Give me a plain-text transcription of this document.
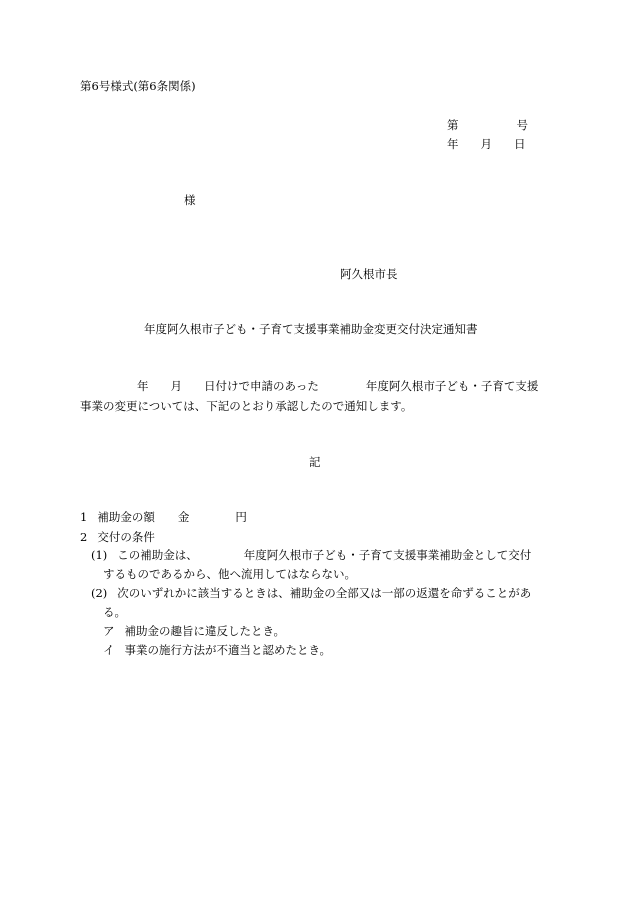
第6号様式(第6条関係)

第	号
年 月 日

様

阿久根市長

年度阿久根市子ども・子育て支援事業補助金変更交付決定通知書

年 月 日付けで申請のあった	年度阿久根市子ども・子育て支援

事業の変更については、下記のとおり承認したので通知します。

記

1 補助金の額 金	円
2 交付の条件
(1) この補助金は、	年度阿久根市子ども・子育て支援事業補助金として交付

するものであるから、他へ流用してはならない。

(2) 次のいずれかに該当するときは、補助金の全部又は一部の返還を命ずることがあ

る。

ア 補助金の趣旨に違反したとき。
イ 事業の施行方法が不適当と認めたとき。
